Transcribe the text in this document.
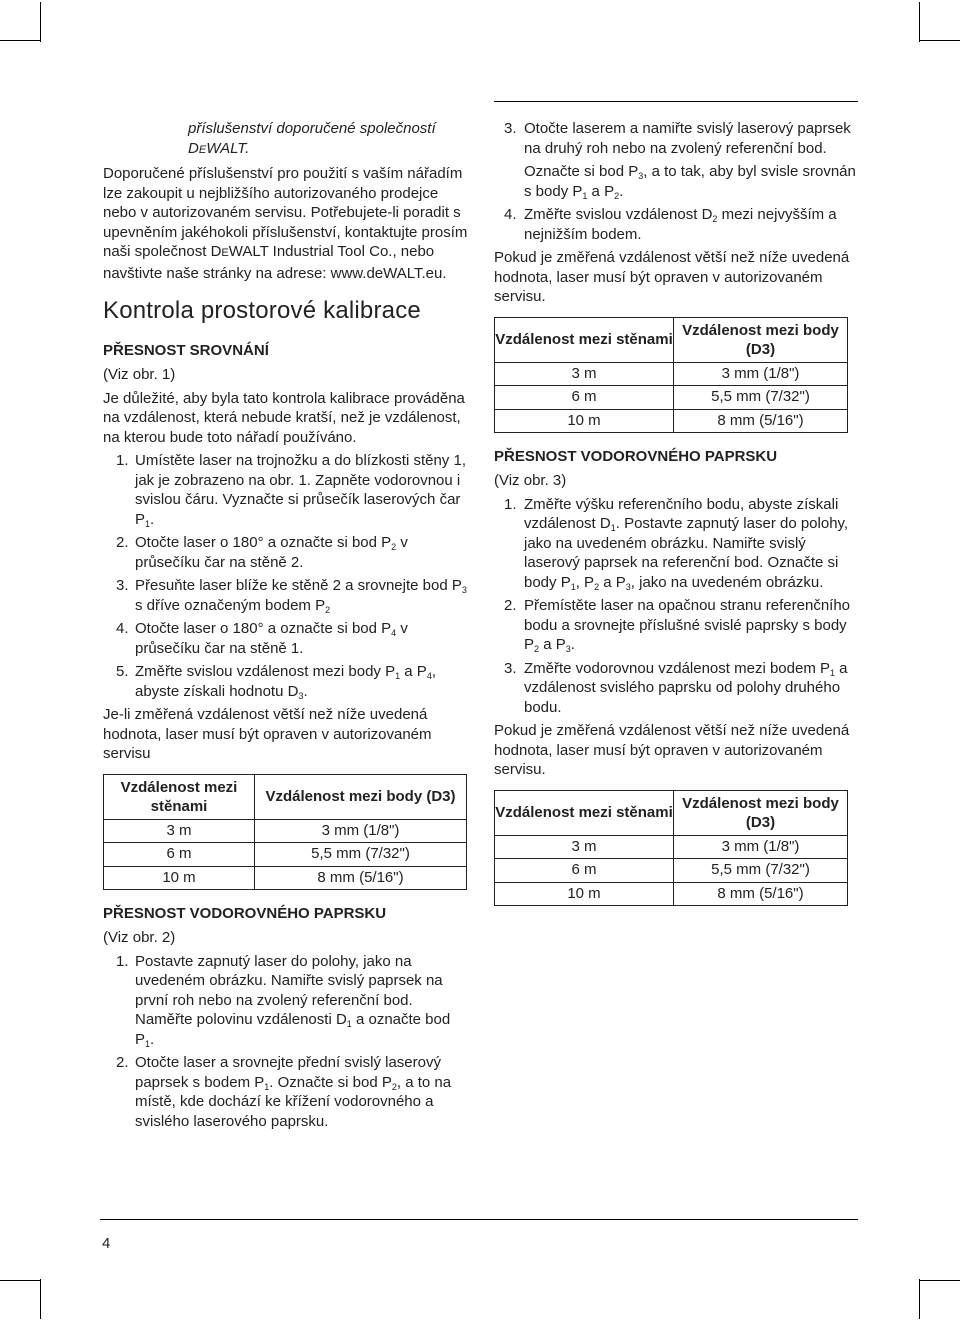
příslušenství doporučené společností

DEWALT.

Doporučené příslušenství pro použití s vaším nářadím lze zakoupit u nejbližšího autorizovaného prodejce nebo v autorizovaném servisu. Potřebujete-li poradit s upevněním jakéhokoli příslušenství, kontaktujte prosím naši společnost DEWALT Industrial Tool Co., nebo navštivte naše stránky na adrese: www.deWALT.eu.

Kontrola prostorové kalibrace
PŘESNOST SROVNÁNÍ

(Viz obr. 1)

Je důležité, aby byla tato kontrola kalibrace prováděna na vzdálenost, která nebude kratší, než je vzdálenost, na kterou bude toto nářadí používáno.

1. Umístěte laser na trojnožku a do blízkosti stěny 1, jak je zobrazeno na obr. 1. Zapněte vodorovnou i svislou čáru. Vyznačte si průsečík laserových čar $P_1$.
2. Otočte laser o 180° a označte si bod $P_2$ v průsečíku čar na stěně 2.
3. Přesuňte laser blíže ke stěně 2 a srovnejte bod $P_3$ s dříve označeným bodem $P_2$
4. Otočte laser o 180° a označte si bod $P_4$ v průsečíku čar na stěně 1.
5. Změřte svislou vzdálenost mezi body $P_1$ a $P_4$, abyste získali hodnotu $D_3$.

Je-li změřená vzdálenost větší než níže uvedená hodnota, laser musí být opraven v autorizovaném servisu

Vzdálenost mezi stěnami	Vzdálenost mezi body (D3)
3 m	3 mm (1/8")
6 m	5,5 mm (7/32")
10 m	8 mm (5/16")
PŘESNOST VODOROVNÉHO PAPRSKU

(Viz obr. 2)

1. Postavte zapnutý laser do polohy, jako na uvedeném obrázku. Namiřte svislý paprsek na první roh nebo na zvolený referenční bod. Naměřte polovinu vzdálenosti $D_1$ a označte bod $P_1$.
2. Otočte laser a srovnejte přední svislý laserový paprsek s bodem $P_1$. Označte si bod $P_2$, a to na místě, kde dochází ke křížení vodorovného a svislého laserového paprsku.
3. Otočte laserem a namiřte svislý laserový paprsek na druhý roh nebo na zvolený referenční bod.

Označte si bod $P_3$, a to tak, aby byl svisle srovnán s body $P_1$ a $P_2$.

4. Změřte svislou vzdálenost $D_2$ mezi nejvyšším a nejnižším bodem.

Pokud je změřená vzdálenost větší než níže uvedená hodnota, laser musí být opraven v autorizovaném servisu.

Vzdálenost mezi stěnami	Vzdálenost mezi body (D3)
3 m	3 mm (1/8")
6 m	5,5 mm (7/32")
10 m	8 mm (5/16")
PŘESNOST VODOROVNÉHO PAPRSKU

(Viz obr. 3)

1. Změřte výšku referenčního bodu, abyste získali vzdálenost $D_1$. Postavte zapnutý laser do polohy, jako na uvedeném obrázku. Namiřte svislý laserový paprsek na referenční bod. Označte si body $P_1$, $P_2$ a $P_3$, jako na uvedeném obrázku.
2. Přemístěte laser na opačnou stranu referenčního bodu a srovnejte příslušné svislé paprsky s body $P_2$ a $P_3$.
3. Změřte vodorovnou vzdálenost mezi bodem $P_1$ a vzdálenost svislého paprsku od polohy druhého bodu.

Pokud je změřená vzdálenost větší než níže uvedená hodnota, laser musí být opraven v autorizovaném servisu.

Vzdálenost mezi stěnami	Vzdálenost mezi body (D3)
3 m	3 mm (1/8")
6 m	5,5 mm (7/32")
10 m	8 mm (5/16")
4
